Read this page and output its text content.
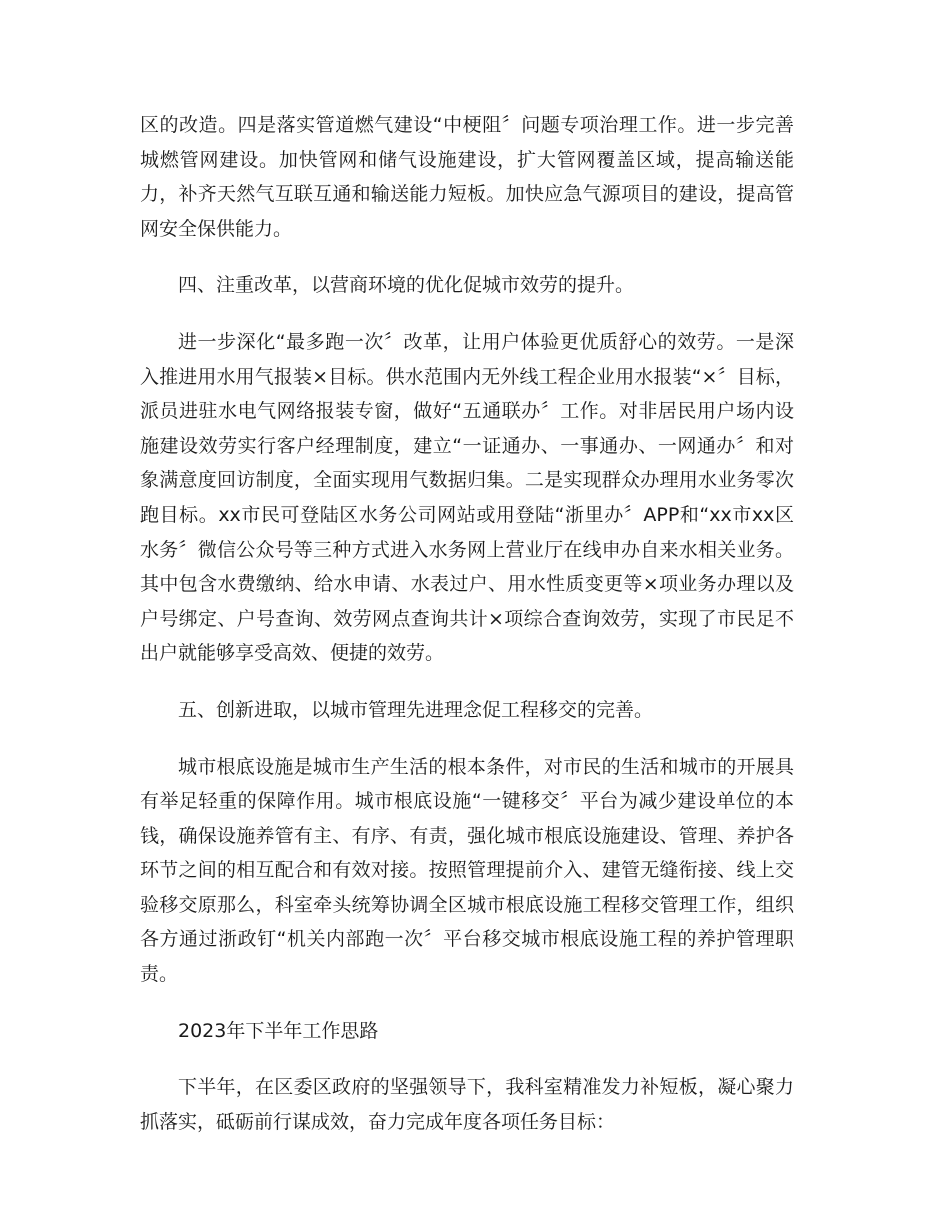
区的改造。四是落实管道燃气建设“中梗阻〞问题专项治理工作。进一步完善城燃管网建设。加快管网和储气设施建设，扩大管网覆盖区域，提高输送能力，补齐天然气互联互通和输送能力短板。加快应急气源项目的建设，提高管网安全保供能力。

四、注重改革，以营商环境的优化促城市效劳的提升。

进一步深化“最多跑一次〞改革，让用户体验更优质舒心的效劳。一是深入推进用水用气报装×目标。供水范围内无外线工程企业用水报装“×〞目标，派员进驻水电气网络报装专窗，做好“五通联办〞工作。对非居民用户场内设施建设效劳实行客户经理制度，建立“一证通办、一事通办、一网通办〞和对象满意度回访制度，全面实现用气数据归集。二是实现群众办理用水业务零次跑目标。xx市民可登陆区水务公司网站或用登陆“浙里办〞APP和“xx市xx区水务〞微信公众号等三种方式进入水务网上营业厅在线申办自来水相关业务。其中包含水费缴纳、给水申请、水表过户、用水性质变更等×项业务办理以及户号绑定、户号查询、效劳网点查询共计×项综合查询效劳，实现了市民足不出户就能够享受高效、便捷的效劳。

五、创新进取，以城市管理先进理念促工程移交的完善。

城市根底设施是城市生产生活的根本条件，对市民的生活和城市的开展具有举足轻重的保障作用。城市根底设施“一键移交〞平台为减少建设单位的本钱，确保设施养管有主、有序、有责，强化城市根底设施建设、管理、养护各环节之间的相互配合和有效对接。按照管理提前介入、建管无缝衔接、线上交验移交原那么，科室牵头统筹协调全区城市根底设施工程移交管理工作，组织各方通过浙政钉“机关内部跑一次〞平台移交城市根底设施工程的养护管理职责。

2023年下半年工作思路

下半年，在区委区政府的坚强领导下，我科室精准发力补短板，凝心聚力抓落实，砥砺前行谋成效，奋力完成年度各项任务目标：
